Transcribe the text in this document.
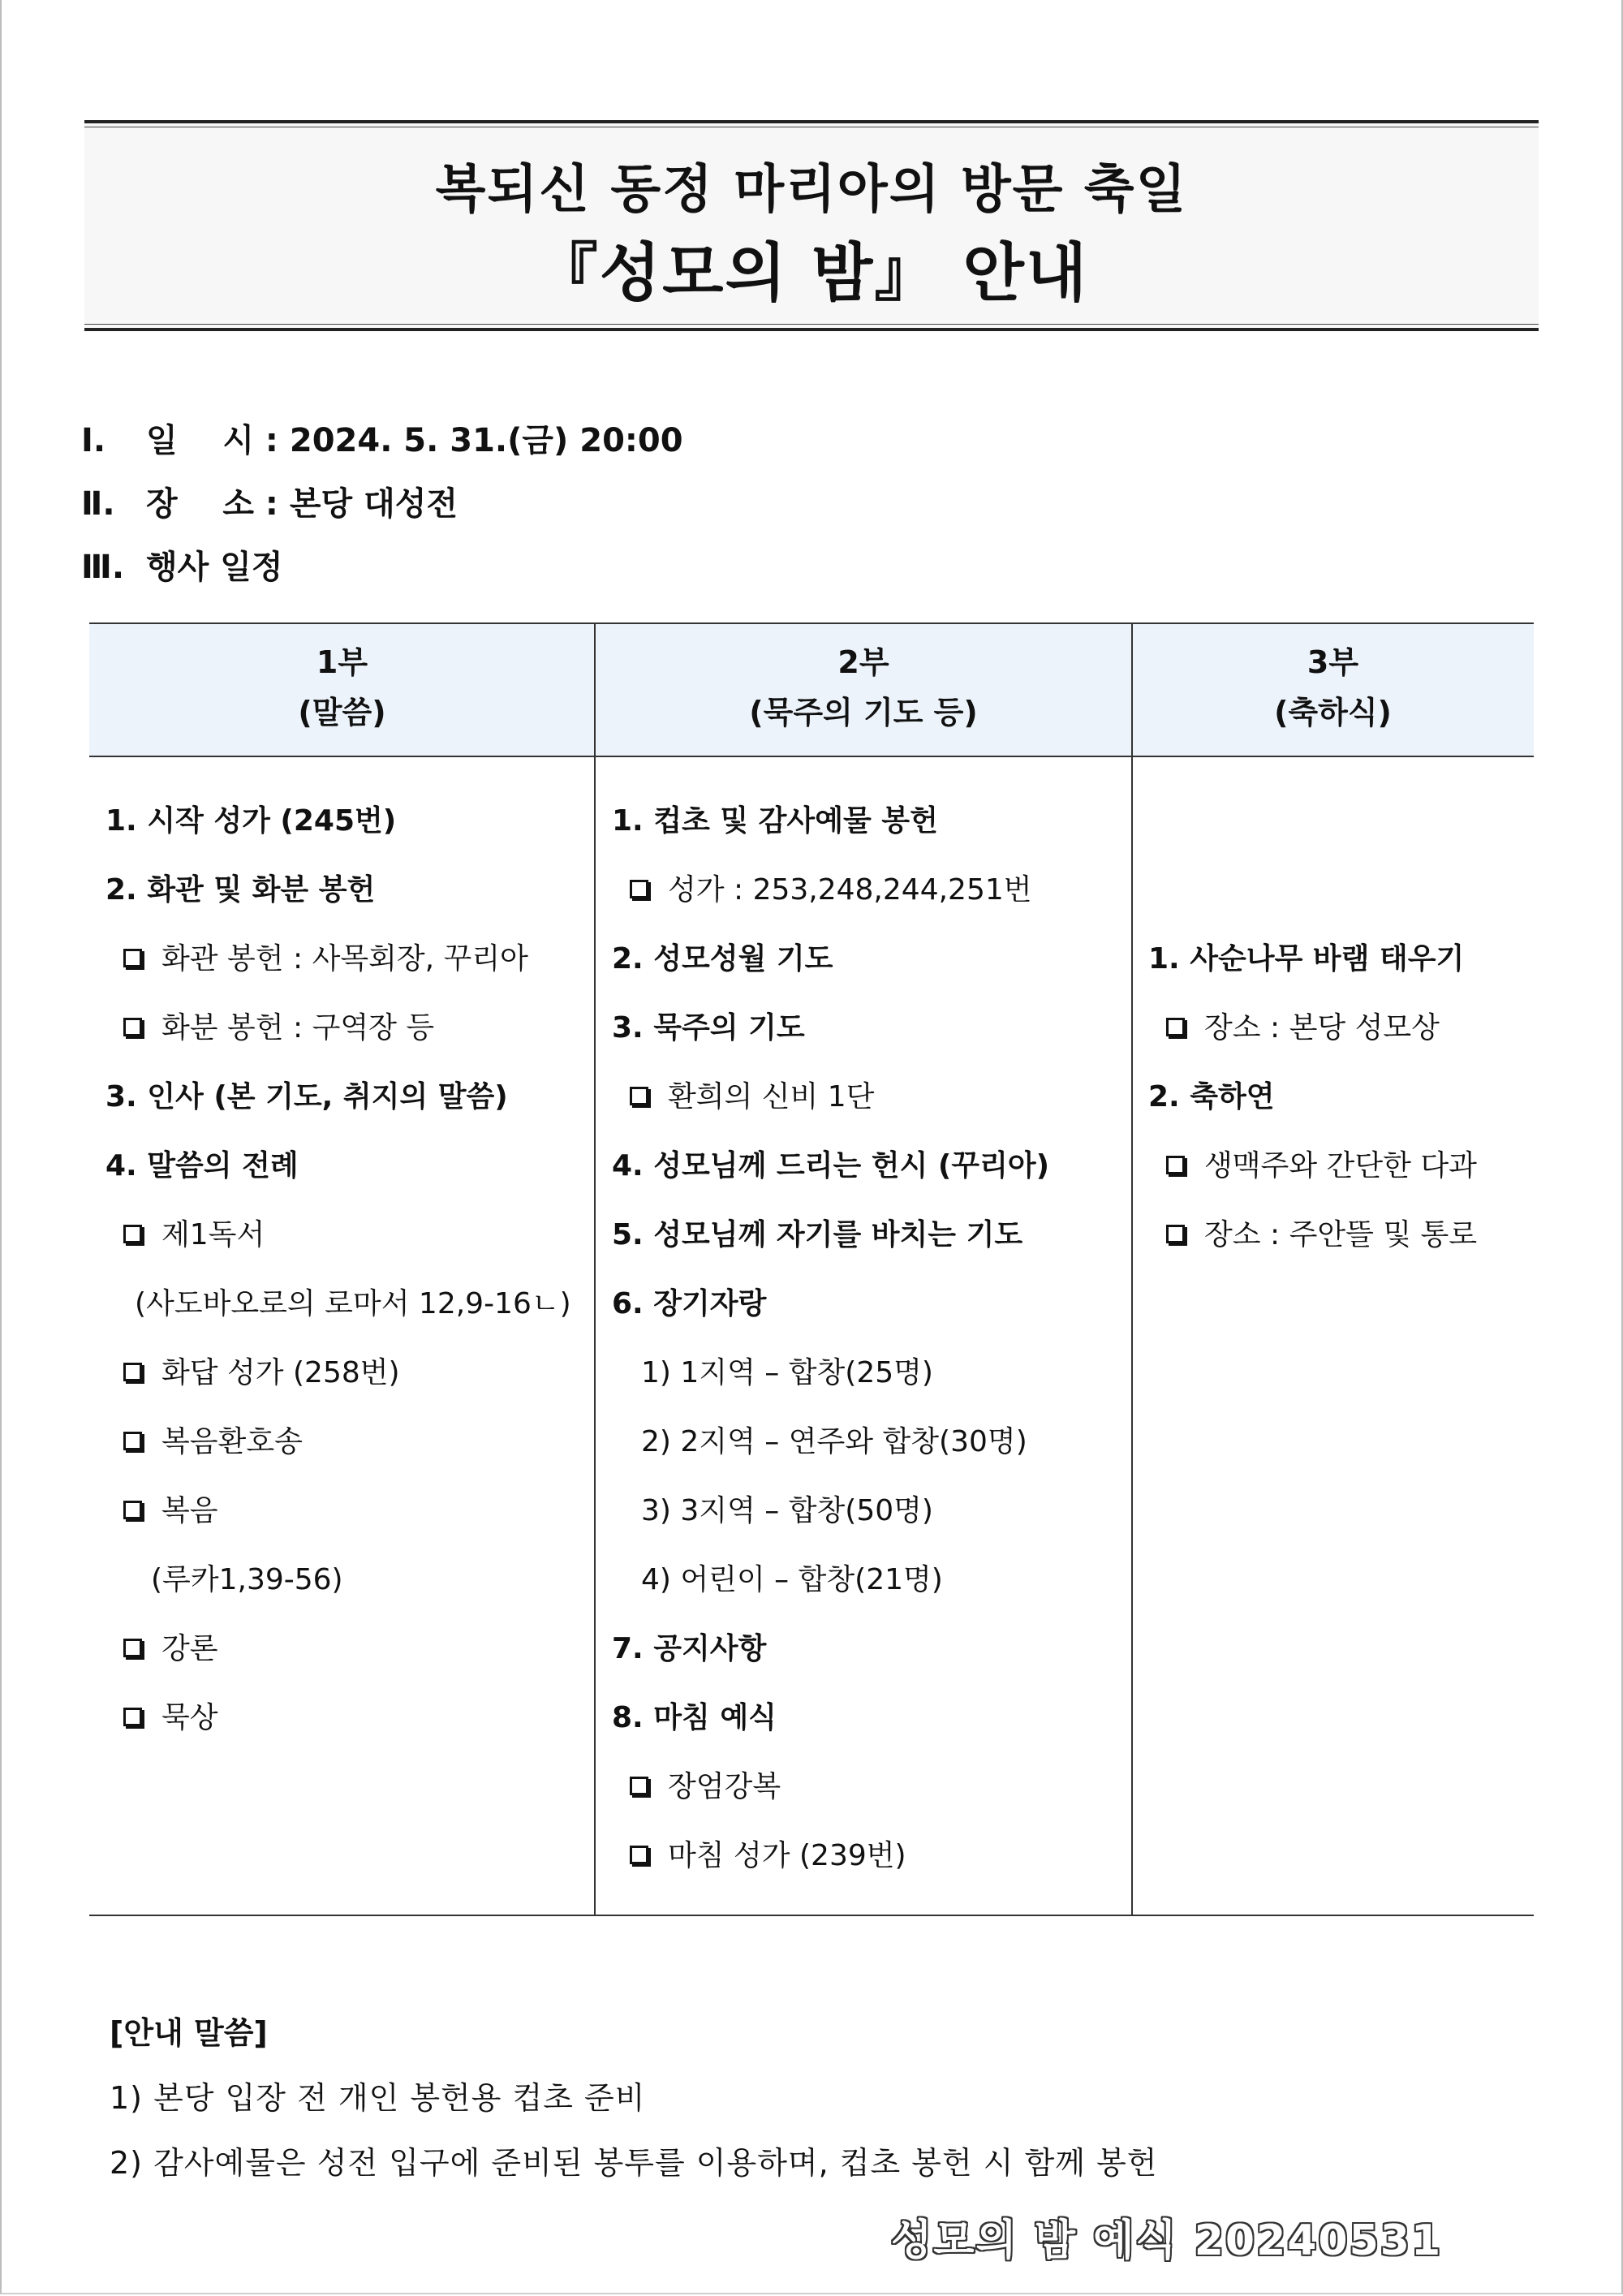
복되신 동정 마리아의 방문 축일
『성모의 밤』 안내
Ⅰ. 일    시 : 2024. 5. 31.(금) 20:00
Ⅱ. 장    소 : 본당 대성전
Ⅲ. 행사 일정
1부
(말씀)
2부
(묵주의 기도 등)
3부
(축하식)
1. 시작 성가 (245번)
2. 화관 및 화분 봉헌
화관 봉헌 : 사목회장, 꾸리아
화분 봉헌 : 구역장 등
3. 인사 (본 기도, 취지의 말씀)
4. 말씀의 전례
제1독서
(사도바오로의 로마서 12,9-16ㄴ)
화답 성가 (258번)
복음환호송
복음
(루카1,39-56)
강론
묵상
1. 컵초 및 감사예물 봉헌
성가 : 253,248,244,251번
2. 성모성월 기도
3. 묵주의 기도
환희의 신비 1단
4. 성모님께 드리는 헌시 (꾸리아)
5. 성모님께 자기를 바치는 기도
6. 장기자랑
1) 1지역 – 합창(25명)
2) 2지역 – 연주와 합창(30명)
3) 3지역 – 합창(50명)
4) 어린이 – 합창(21명)
7. 공지사항
8. 마침 예식
장엄강복
마침 성가 (239번)
1. 사순나무 바램 태우기
장소 : 본당 성모상
2. 축하연
생맥주와 간단한 다과
장소 : 주안뜰 및 통로
[안내 말씀]
1) 본당 입장 전 개인 봉헌용 컵초 준비
2) 감사예물은 성전 입구에 준비된 봉투를 이용하며, 컵초 봉헌 시 함께 봉헌
성모의 밤 예식 20240531
